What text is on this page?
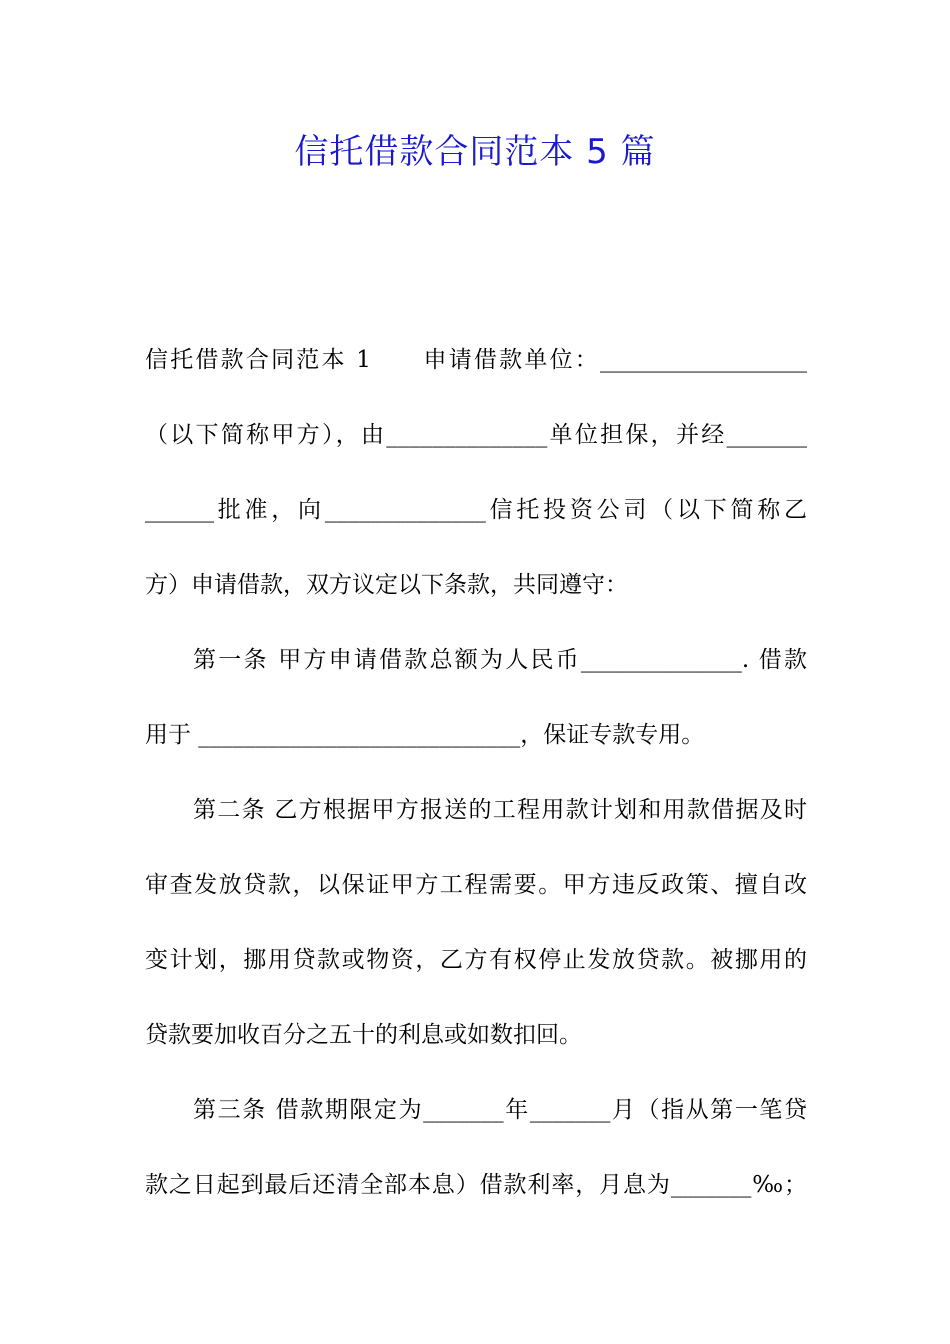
信托借款合同范本 5 篇
信托借款合同范本 1　　申请借款单位：__________________
（以下简称甲方），由______________单位担保，并经_______
______批准，向______________信托投资公司（以下简称乙
方）申请借款，双方议定以下条款，共同遵守：
第一条 甲方申请借款总额为人民币______________. 借款
用于 ____________________________，保证专款专用。
第二条 乙方根据甲方报送的工程用款计划和用款借据及时
审查发放贷款，以保证甲方工程需要。甲方违反政策、擅自改
变计划，挪用贷款或物资，乙方有权停止发放贷款。被挪用的
贷款要加收百分之五十的利息或如数扣回。
第三条 借款期限定为_______年_______月（指从第一笔贷
款之日起到最后还清全部本息）借款利率，月息为_______‰；
